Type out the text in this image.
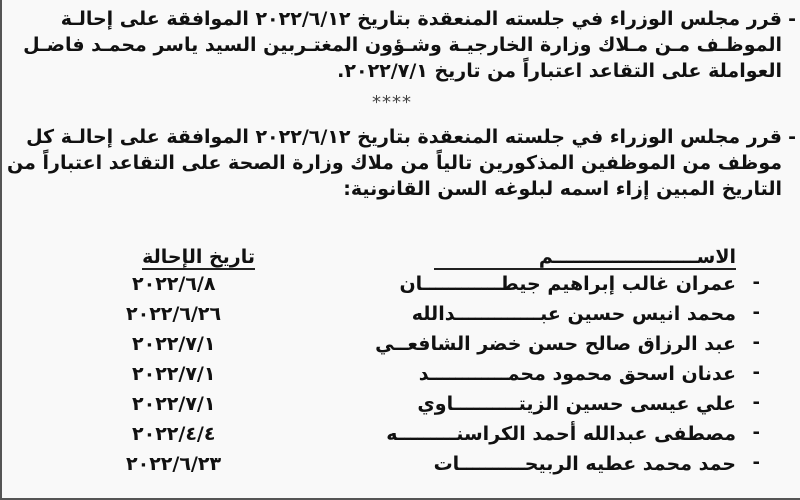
-
قرر مجلس الوزراء في جلسته المنعقدة بتاريخ ٢٠٢٢/٦/١٢ الموافقة على إحالـة
الموظـف مـن مـلاك وزارة الخارجيـة وشـؤون المغتـربين السيد ياسر محمـد فاضـل
العواملة على التقاعد اعتباراً من تاريخ ٢٠٢٢/٧/١.
****
-
قرر مجلس الوزراء في جلسته المنعقدة بتاريخ ٢٠٢٢/٦/١٢ الموافقة على إحالـة كل
موظف من الموظفين المذكورين تالياً من ملاك وزارة الصحة على التقاعد اعتباراً من
التاريخ المبين إزاء اسمه لبلوغه السن القانونية:
الاســــــــــــــــــــــم
تاريخ الإحالة
-
عمران غالب إبراهيم جيطــــــــــــان
٢٠٢٢/٦/٨
-
محمد انيس حسين عبـــــــــــــدالله
٢٠٢٢/٦/٢٦
-
عبد الرزاق صالح حسن خضر الشافعــي
٢٠٢٢/٧/١
-
عدنان اسحق محمود محمــــــــــــد
٢٠٢٢/٧/١
-
علي عيسى حسين الزيتــــــــــاوي
٢٠٢٢/٧/١
-
مصطفى عبدالله أحمد الكراسنـــــــــه
٢٠٢٢/٤/٤
-
حمد محمد عطيه الربيحــــــــــات
٢٠٢٢/٦/٢٣
